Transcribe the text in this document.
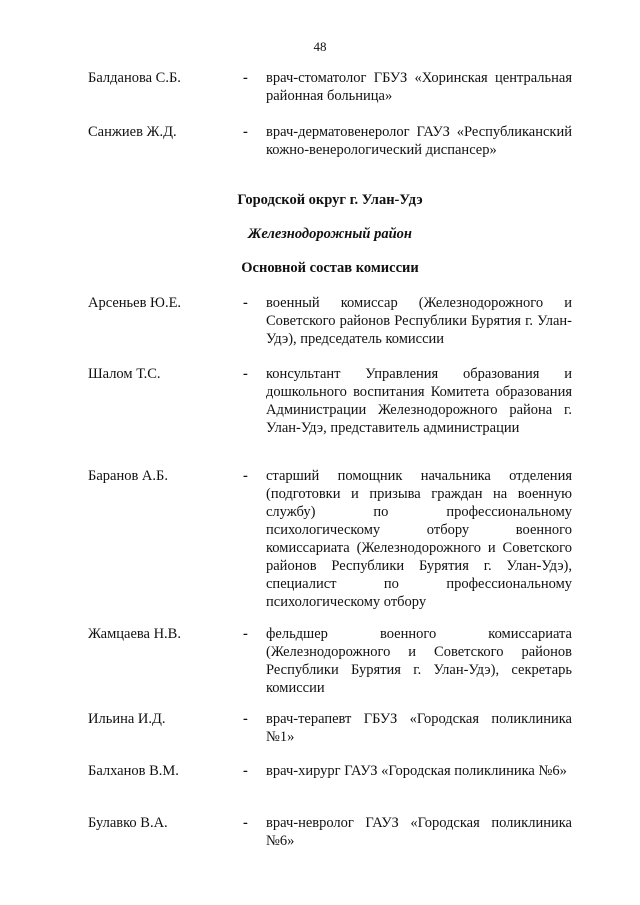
48
Балданова С.Б.	- врач-стоматолог ГБУЗ «Хоринская центральная районная больница»
Санжиев Ж.Д.	- врач-дерматовенеролог ГАУЗ «Республиканский кожно-венерологический диспансер»
Городской округ г. Улан-Удэ
Железнодорожный район
Основной состав комиссии
Арсеньев Ю.Е.	- военный комиссар (Железнодорожного и Советского районов Республики Бурятия г. Улан-Удэ), председатель комиссии
Шалом Т.С.	- консультант Управления образования и дошкольного воспитания Комитета образования Администрации Железнодорожного района г. Улан-Удэ, представитель администрации
Баранов А.Б.	- старший помощник начальника отделения (подготовки и призыва граждан на военную службу) по профессиональному психологическому отбору военного комиссариата (Железнодорожного и Советского районов Республики Бурятия г. Улан-Удэ), специалист по профессиональному психологическому отбору
Жамцаева Н.В.	- фельдшер военного комиссариата (Железнодорожного и Советского районов Республики Бурятия г. Улан-Удэ), секретарь комиссии
Ильина И.Д.	- врач-терапевт ГБУЗ «Городская поликлиника №1»
Балханов В.М.	- врач-хирург ГАУЗ «Городская поликлиника №6»
Булавко В.А.	- врач-невролог ГАУЗ «Городская поликлиника №6»
